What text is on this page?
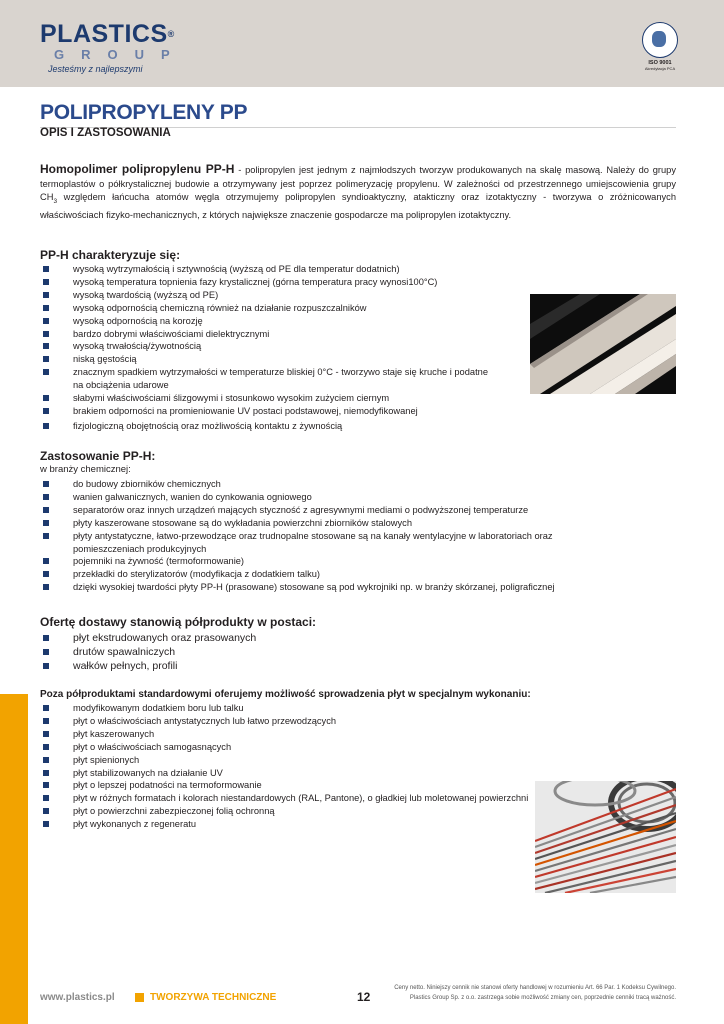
PLASTICS®
GROUP
Jesteśmy z najlepszymi
ISO 9001
Akredytacja PCA
POLIPROPYLENY PP
OPIS I ZASTOSOWANIA
Homopolimer polipropylenu PP-H - polipropylen jest jednym z najmłodszych tworzyw produkowanych na skalę masową. Należy do grupy termoplastów o półkrystalicznej budowie a otrzymywany jest poprzez polimeryzację propylenu. W zależności od przestrzennego umiejscowienia grupy $CH_3$ względem łańcucha atomów węgla otrzymujemy polipropylen syndioaktyczny, atakticzny oraz izotaktyczny - tworzywa o zróżnicowanych właściwościach fizyko-mechanicznych, z których największe znaczenie gospodarcze ma polipropylen izotaktyczny.
PP-H charakteryzuje się:
wysoką wytrzymałością i sztywnością (wyższą od PE dla temperatur dodatnich)
wysoką temperatura topnienia fazy krystalicznej (górna temperatura pracy wynosi100°C)
wysoką twardością (wyższą od PE)
wysoką odpornością chemiczną również na działanie rozpuszczalników
wysoką odpornością na korozję
bardzo dobrymi właściwościami dielektrycznymi
wysoką trwałością/żywotnością
niską gęstością
znacznym spadkiem wytrzymałości w temperaturze bliskiej 0°C - tworzywo staje się kruche i podatne na obciążenia udarowe
słabymi właściwościami ślizgowymi i stosunkowo wysokim zużyciem ciernym
brakiem odporności na promieniowanie UV postaci podstawowej, niemodyfikowanej
fizjologiczną obojętnością oraz możliwością kontaktu z żywnością
Zastosowanie PP-H:
w branży chemicznej:
do budowy zbiorników chemicznych
wanien galwanicznych, wanien do cynkowania ogniowego
separatorów oraz innych urządzeń mających styczność z agresywnymi mediami o podwyższonej temperaturze
płyty kaszerowane stosowane są do wykładania powierzchni zbiorników stalowych
płyty antystatyczne, łatwo-przewodzące oraz trudnopalne stosowane są na kanały wentylacyjne w laboratoriach oraz pomieszczeniach produkcyjnych
pojemniki na żywność (termoformowanie)
przekładki do sterylizatorów (modyfikacja z dodatkiem talku)
dzięki wysokiej twardości płyty PP-H (prasowane) stosowane są pod wykrojniki np. w branży skórzanej, poligraficznej
Ofertę dostawy stanowią półprodukty w postaci:
płyt ekstrudowanych oraz prasowanych
drutów spawalniczych
wałków pełnych, profili
Poza półproduktami standardowymi oferujemy możliwość sprowadzenia płyt w specjalnym wykonaniu:
modyfikowanym dodatkiem boru lub talku
płyt o właściwościach antystatycznych lub łatwo przewodzących
płyt kaszerowanych
płyt o właściwościach samogasnących
płyt spienionych
płyt stabilizowanych na działanie UV
płyt o lepszej podatności na termoformowanie
płyt w różnych formatach i kolorach niestandardowych (RAL, Pantone), o gładkiej lub moletowanej powierzchni
płyt o powierzchni zabezpieczonej folią ochronną
płyt wykonanych z regeneratu
www.plastics.pl	TWORZYWA TECHNICZNE	12
Ceny netto. Niniejszy cennik nie stanowi oferty handlowej w rozumieniu Art. 66 Par. 1 Kodeksu Cywilnego.
Plastics Group Sp. z o.o. zastrzega sobie możliwość zmiany cen, poprzednie cenniki tracą ważność.
